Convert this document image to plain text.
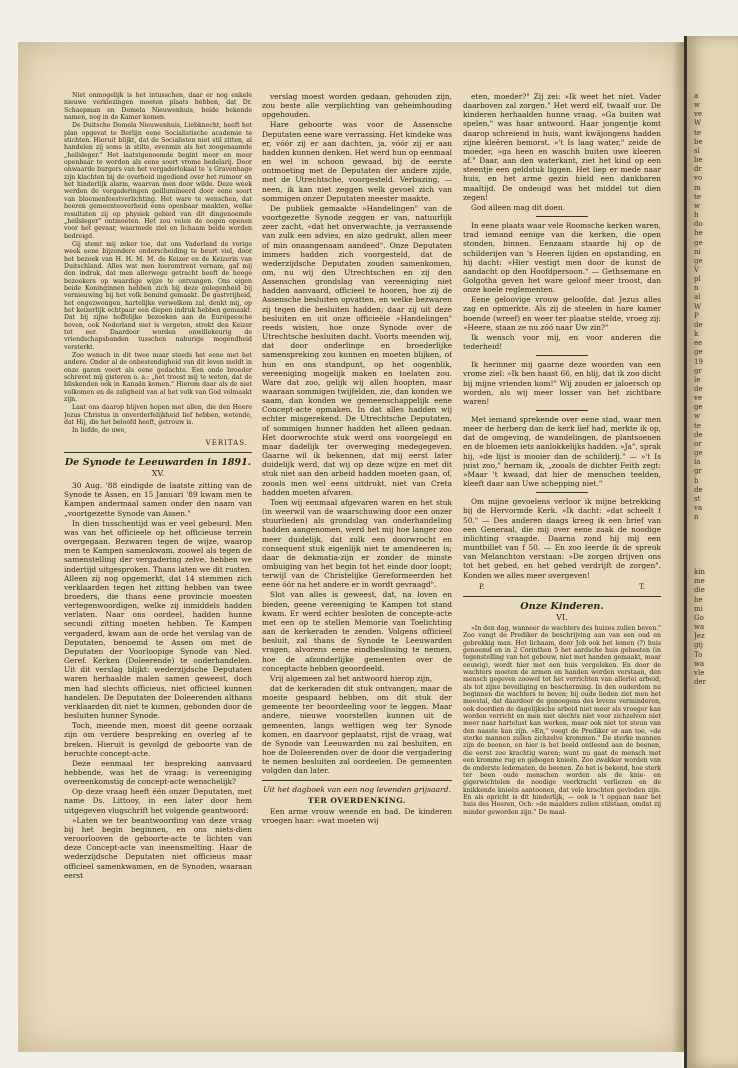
Niet onmogelijk is het intusschen, daar er nog enkele nieuwe verkiezingen moeten plaats hebben, dat Dr. Schaepman en Domela Nieuwenhuis, beide bekende namen, nog in de Kamer komen.

De Duitsche Domela Nieuwenhuis, Liebknecht, heeft het plan opgevat te Berlijn eene Socialistische academie te stichten. Hieruit blijkt, dat de Socialisten niet stil zitten, al handelen zij soms in stilte, evenmin als het zoogenaamde „heilsleger." Het laatstgenoemde begint meer en meer openbaar te worden als eene soort vrome bedelarij. Door onwaarde burgers van het vergaderlokaal te 's Gravenhage zijn klachten bij de overheid ingediend over het rumoer en het hinderlijk alarm, waarvan men door wilde. Deze week werden de vergaderingen geillumineerd door eene soort van bloemenfeestverlichting. Het ware te wenschen, dat beeren gemeenteoverheid eens openbaar maakten, welke resultaten zij op physiek gebied van dit dingenoemde „heilsleger" ontmoeten. Het zou velen de oogen openen voor het gevaar, waarmede ziel en lichaam beide worden bedreigd.

Gij stemt mij zeker toe, dat ons Vaderland de vorige week eene bijzondere onderscheiding te beurt viel, door het bezoek van H. H. M. M. de Keizer en de Keizerin van Duitschland. Alles wat men hieromtrent vernam, gaf mij den indruk, dat men allerwege getracht heeft de hooge bezoekers op waardige wijze te ontvangen. Ons eigen beide Koninginnen hebben zich bij deze gelegenheid bij vernieuwing bij het volk bemind gemaakt. De gastvrijheid, het ongezwongen, hartelijke verwelkom zal, denkt mij, op het keizerlijk echtpaar een diepen indruk hebben gemaakt. Dat bij zijne hoffelijke bezoeken aan de Europeesche hoven, ook Nederland niet is vergeten, strekt den Keizer tot eer. Daardoor worden onwillekeurig de vriendschapsbanden tusschen naburige mogendheid versterkt.

Zoo wensch in dit twee maar steeds het eene met het andere. Onder al de onbestendigheid van dit leven meldt in onze garen voort als eene gedachte. Een onde broeder schrevet mij gisteren o. a.: „het troost mij te weten, dat de bliskenden ook in Kanaän komen." Hierom daar als de niet volkomen en de zaligheid van al het volk van God volmaakt zijn.

Laat ons daarop blijven hopen met allen, die den Heere Jezus Christus in onverderfelijkheid lief hebben, wetende, dat Hij, die het beloofd heeft, getrouw is.

In liefde, de uwe,

VERITAS.
De Synode te Leeuwarden in 1891.
XV.

30 Aug. '88 eindigde de laatste zitting van de Synode te Assen, en 15 Januari '89 kwam men te Kampen andermaal samen onder den naam van „voortgezette Synode van Assen."

In dien tusschentijd was er veel gebeurd. Men was van het officieele op het officieuse terrein overgegaan. Bezwaren tegen de wijze, waarop men te Kampen samenkwam, zoowel als tegen de samenstelling der vergadering zelve, hebben we indertijd uitgesproken. Thans laten we dit rusten. Alleen zij nog opgemerkt, dat 14 stemmen zich verklaarden tegen het zitting hebben van twee broeders, die thans eene provincie moesten vertegenwoordigen, welke zij inmiddels hadden verlaten. Naar ons oordeel, hadden hunne secundi zitting moeten hebben. Te Kampen vergaderd, kwam aan de orde het verslag van de Deputaten, benoemd te Assen om met de Deputaten der Voorloopige Synode van Ned. Geref. Kerken (Doleerende) te onderhandelen. Uit dit verslag blijkt: wederzijdsche Deputaten waren herhaalde malen samen geweest, doch men had slechts officieus, niet officieel kunnen handelen. De Deputaten der Doleerenden althans verklaarden dit niet te kunnen, gebonden door de besluiten hunner Synode.

Toch, meende men, moest dit geene oorzaak zijn om verdere bespreking en overleg af te breken. Hieruit is gevolgd de geboorte van de beruchte concept-acte.

Deze eenmaal ter bespreking aanvaard hebbende, was het de vraag: is vereeniging overeenkomstig de concept-acte wenschelijk?

Op deze vraag heeft één onzer Deputaten, met name Ds. Littooy, in een later door hem uitgegeven vlugschrift het volgende geantwoord:

»Laten we ter beantwoording van deze vraag bij het begin beginnen, en ons niets-dien veroorlooven de geboorte-acte te lichten van deze Concept-acte van ineensmelting. Haar de wederzijdsche Deputaten niet officieus maar officieel samenkwamen, en de Synoden, waaraan eerst

verslag moest worden gedaan, gehouden zijn, zou beste alle verplichting van geheimhouding opgehouden.

Hare geboorte was voor de Assensche Deputaten eene ware verrassing. Het kindeke was er, vóór zij er aan dachten, ja, vóór zij er aan hadden kunnen denken. Het werd hun op eenmaal en wel in schoon gewaad, bij de eerste ontmoeting met de Deputaten der andere zijde, met de Utrechtsche, voorgesteld. Verbazing, — neen, ik kan niet zeggen welk gevoel zich van sommigen onzer Deputaten meester maakte.

De publiek gemaakte »Handelingen" van de voortgezette Synode zeggen er van, natuurlijk zeer zacht, »dat het onverwachte, ja verrassende van zulk een advies, en alzo gedrukt, allen meer of min onaangenaam aandeed". Onze Deputaten immers hadden zich voorgesteld, dat de wederzijdsche Deputaten zouden samenkomen, om, nu wij den Utrechtschen en zij den Assenschen grondslag van vereeniging niet hadden aanvaard, officieel te hooren, hoe zij de Assensche besluiten opvatten, en welke bezwaren zij tegen die besluiten hadden; daar zij uit deze besluiten en uit onze officieële »Handelingen" reeds wisten, hoe onze Synode over de Utrechtsche besluiten dacht. Voorts meenden wij, dat door onderlinge en broederlijke samenspreking zou kunnen en moeten blijken, of hun en ons standpunt, op het oogenblik, vereeniging mogelijk maken en toelaten zou. Ware dat zoo, gelijk wij allen hoopten, maar waaraan sommigen twijfelden, zie, dan konden we saam, dan konden we gemeenschappelijk eene Concept-acte opmaken. In dat alles hadden wij echter misgerekend. De Utrechtsche Deputaten, of sommigen hunner hadden het alleen gedaan. Het doorwrochte stuk werd ons voorgelegd en maar dadelijk ter overweging medegegeven. Gaarne wil ik bekennen, dat mij eerst later duidelijk werd, dat wij op deze wijze en met dit stuk niet aan den arbeid hadden moeten gaan, of, zooals men wel eens uitdrukt, niet van Creta hadden moeten afvaren.

Toen wij eenmaal afgevaren waren en het stuk (in weerwil van de waarschuwing door een onzer stuurlieden) als grondslag van onderhandeling hadden aangenomen, werd het mij hoe langer zoo meer duidelijk, dat zulk een doorwrocht en consequent stuk eigenlijk niet te amendeeren is; daar de dekmatia-zijn er zonder de minste ombuiging van het begin tot het einde door loopt; terwijl van de Christelijke Gereformeerden het eene óór na het andere er in wordt gevraagd".

Slot van alles is geweest, dat, na loven en bieden, geene vereeniging te Kampen tot stand kwam. Er werd echter besloten de concepte-acte met een op te stellen Memorie van Toelichting aan de kerkeraden te zenden. Volgens officieel besluit, zal thans de Synode te Leeuwarden vragen, alvorens eene eindbeslissing te nemen, hoe de afzonderlijke gemeenten over de conceptacte hebben geoordeeld.

Vrij algemeen zal het antwoord hierop zijn,

dat de kerkeraden dit stuk ontvangen, maar de moeite gespaard hebben, om dit stuk der gemeente ter beoordeeling voor te leggen. Maar andere, nieuwe voorstellen kunnen uit de gemeenten, langs wettigen weg ter Synode komen, en daarvoor geplaatst, rijst de vraag, wat de Synode van Leeuwarden nu zal besluiten, en hoe de Doleerenden over de door die vergadering te nemen besluiten zal oordeelen. De gemeenten volgden dan later.

Uit het dagboek van een nog levenden grijsaard.
TER OVERDENKING.

Een arme vrouw weende en bad. De kinderen vroegen haar: »wat moeten wij

eten, moeder?" Zij zei: »Ik weet het niet. Vader daarboven zal zorgen." Het werd elf, twaalf uur. De kinderen herhaalden hunne vraag. »Ga buiten wat spelen," was haar antwoord. Haar jongentje komt daarop schreiend in huis, want kwâjongens hadden zijne kleêren bemorst. »'t Is laag water," zeide de moeder, »ga heen en waschh buiten uwe kleeren af." Daar, aan den waterkant, ziet het kind op een steentje een geldstuk liggen. Het liep er mede naar huis, en het arme gezin hield een dankbaren maaltijd. De ondeugd was het middel tot dien zegen!

God alleen mag dit doen.

In eene plaats waar vele Roomsche kerken waren, trad iemand eenige van die kerken, die open stonden, binnen. Eenzaam staarde hij op de schilderijen van 's Heeren lijden en opstanding, en hij dacht: »Hier vestigt men door de kunst de aandacht op den Hoofdpersoon." — Gethsemane en Golgotha geven het ware geloof meer troost, dan onze koele reglementen.

Eene geloovige vrouw geloofde, dat Jezus alles zag en opmerkte. Als zij de steelen in hare kamer boende (wreef) en weer ter plaatse stelde, vroeg zij: »Heere, staan ze nu zóó naar Uw zin?"

Ik wensch voor mij, en voor anderen die tederheid!

Ik herinner mij gaarne deze woorden van een vrome ziel: »Ik ben haast 66, en blij, dat ik zoo dicht bij mijne vrienden kom!" Wij zouden er jaloersch op worden, als wij meer losser van het zichtbare waren!

Met iemand sprekende over eene stad, waar men meer de herberg dan de kerk lief had, merkte ik op, dat de omgeving, de wandelingen, de plantsoenen en de bloemen iets aanlokkelijks hadden. »Ja", sprak hij, »de lijst is mooier dan de schilderij." — »'t Is juist zoo," hernam ik, „zooals de dichter Feith zegt: »Maar 't kwaad, dat hier de menschen teelden, kleeft daar aan Uwe schepping niet."

Om mijne gevoelens verloor ik mijne betrekking bij de Hervormde Kerk. »Ik dacht: »dat scheelt f 50." — Des anderen daags kreeg ik een brief van een Generaal, die mij over eene zaak de noodige inlichting vraagde. Daarna zond hij mij een muntbillet van f 50. — En zoo leerde ik de spreuk van Melanchton verstaan: »De zorgen drijven ons tot het gebed, en het gebed verdrijft de zorgen". Konden we alles meer overgeven!

P.	T.
Onze Kinderen.
VI.

»In den dag, wanneer de wachters des huizes zullen beven." Zoo vangt de Prediker de beschrijving aan van een oud en gebrekkig man. Het lichaam, door Job ook het lemen (?) huis genoemd en in 2 Corinthen 5 het aardsche huis geheeten (in tegenstelling van het gebouw, niet met handen gemaakt, maar eeuwig), wordt hier met een huis vergeleken. En door de wachters moeten de armen en handen worden verstaan, den mensch gegeven zoowel tot het verrichten van allerlei arbeid, als tot zijne beveiliging en bescherming. In den ouderdom nu beginnen die wachters te beven; bij oude lieden ziet men het meestal, dat daardoor de genoegens des levens verminderen, ook doordien de dagelijksche arbeid niet meer als vroeger kan worden verricht en men niet slechts niet voor zichzelven niet meer naar hartelust kan werken, maar ook niet tot steun van den naaste kan zijn. »En," voegt de Prediker er aan toe, »de sterke mannen zullen zichzelve krommen." De sterke mannen zijn de beenen, en hier is het beeld ontleend aan de beenen, die eerst zoo krachtig waren; want nu gaat de mensch met een kromme rug en gebogen knieën. Zoo zwakker worden van de onderste ledematen, de beenen. Zo het is bekend, hoe sterk ter been oude menschen worden als de knie- en gigerwichtelen de noodige veerkracht verliezen en de knikkende knieën aantoonen, dat vele krachten gevloden zijn. En als opricht is dit hinderlijk, — ook is 't opgaan naar het huis des Heeren, Och: »de maalders zullen stilstaan, omdat zij minder geworden zijn." De maal-

a
w
ve
W
te
be
sl
be
dr
vo
m
te
w
h
do
he
ge
ni
ge
V
pl
n
al
W
P
de
k
ee
ge
19
gr
le
de
ve
ge
w
te
de
or
ge
la
gr
h
de
st
va
n

kin
me
die
he
mi
Go
wa
Jez
gij
To
wa
vle
der
